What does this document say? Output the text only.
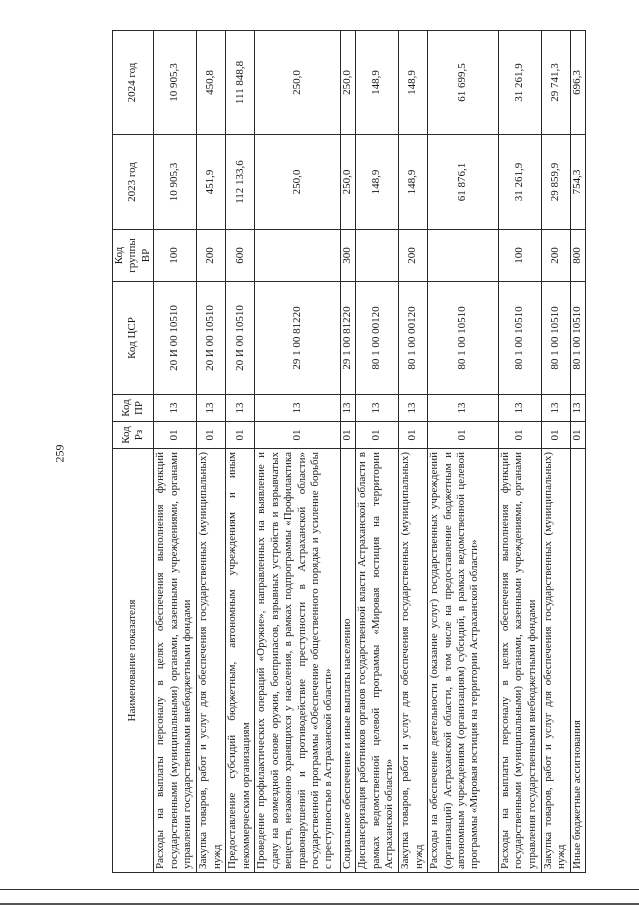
259
Наименование показателя	Код Рз	Код ПР	Код ЦСР	Код группы ВР	2023 год	2024 год
Расходы на выплаты персоналу в целях обеспечения выполнения функций государственными (муниципальными) органами, казенными учреждениями, органами управления государственными внебюджетными фондами	01	13	20 И 00 10510	100	10 905,3	10 905,3
Закупка товаров, работ и услуг для обеспечения государственных (муниципальных) нужд	01	13	20 И 00 10510	200	451,9	450,8
Предоставление субсидий бюджетным, автономным учреждениям и иным некоммерческим организациям	01	13	20 И 00 10510	600	112 133,6	111 848,8
Проведение профилактических операций «Оружие», направленных на выявление и сдачу на возмездной основе оружия, боеприпасов, взрывных устройств и взрывчатых веществ, незаконно хранящихся у населения, в рамках подпрограммы «Профилактика правонарушений и противодействие преступности в Астраханской области» государственной программы «Обеспечение общественного порядка и усиление борьбы с преступностью в Астраханской области»	01	13	29 1 00 81220		250,0	250,0
Социальное обеспечение и иные выплаты населению	01	13	29 1 00 81220	300	250,0	250,0
Диспансеризация работников органов государственной власти Астраханской области в рамках ведомственной целевой программы «Мировая юстиция на территории Астраханской области»	01	13	80 1 00 00120		148,9	148,9
Закупка товаров, работ и услуг для обеспечения государственных (муниципальных) нужд	01	13	80 1 00 00120	200	148,9	148,9
Расходы на обеспечение деятельности (оказание услуг) государственных учреждений (организаций) Астраханской области, в том числе на предоставление бюджетным и автономным учреждениям (организациям) субсидий, в рамках ведомственной целевой программы «Мировая юстиция на территории Астраханской области»	01	13	80 1 00 10510		61 876,1	61 699,5
Расходы на выплаты персоналу в целях обеспечения выполнения функций государственными (муниципальными) органами, казенными учреждениями, органами управления государственными внебюджетными фондами	01	13	80 1 00 10510	100	31 261,9	31 261,9
Закупка товаров, работ и услуг для обеспечения государственных (муниципальных) нужд	01	13	80 1 00 10510	200	29 859,9	29 741,3
Иные бюджетные ассигнования	01	13	80 1 00 10510	800	754,3	696,3
